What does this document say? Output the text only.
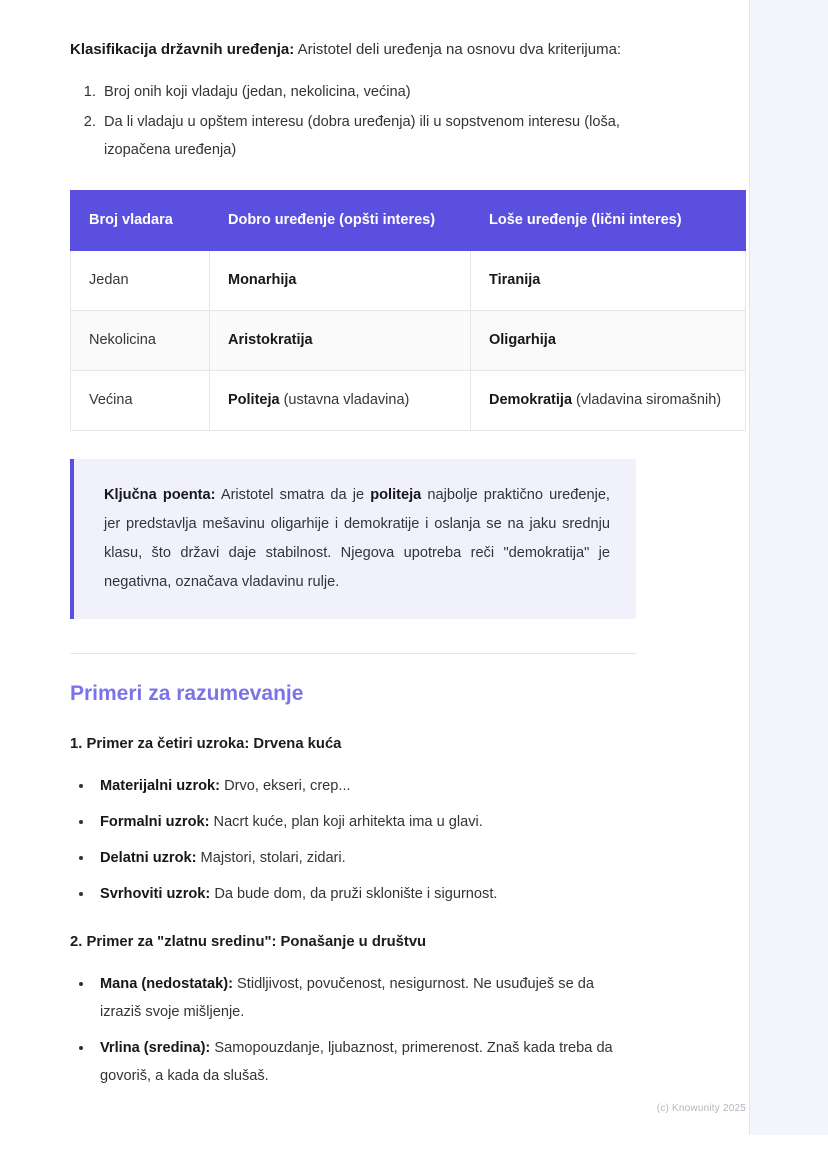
Klasifikacija državnih uređenja: Aristotel deli uređenja na osnovu dva kriterijuma:

1. Broj onih koji vladaju (jedan, nekolicina, većina)
2. Da li vladaju u opštem interesu (dobra uređenja) ili u sopstvenom interesu (loša, izopačena uređenja)
Broj vladara	Dobro uređenje (opšti interes)	Loše uređenje (lični interes)
Jedan	Monarhija	Tiranija
Nekolicina	Aristokratija	Oligarhija
Većina	Politeja (ustavna vladavina)	Demokratija (vladavina siromašnih)

Ključna poenta: Aristotel smatra da je politeja najbolje praktično uređenje, jer predstavlja mešavinu oligarhije i demokratije i oslanja se na jaku srednju klasu, što državi daje stabilnost. Njegova upotreba reči "demokratija" je negativna, označava vladavinu rulje.

Primeri za razumevanje
1. Primer za četiri uzroka: Drvena kuća
• Materijalni uzrok: Drvo, ekseri, crep...
• Formalni uzrok: Nacrt kuće, plan koji arhitekta ima u glavi.
• Delatni uzrok: Majstori, stolari, zidari.
• Svrhoviti uzrok: Da bude dom, da pruži sklonište i sigurnost.
2. Primer za "zlatnu sredinu": Ponašanje u društvu
• Mana (nedostatak): Stidljivost, povučenost, nesigurnost. Ne usuđuješ se da izraziš svoje mišljenje.
• Vrlina (sredina): Samopouzdanje, ljubaznost, primerenost. Znaš kada treba da govoriš, a kada da slušaš.
(c) Knowunity 2025
